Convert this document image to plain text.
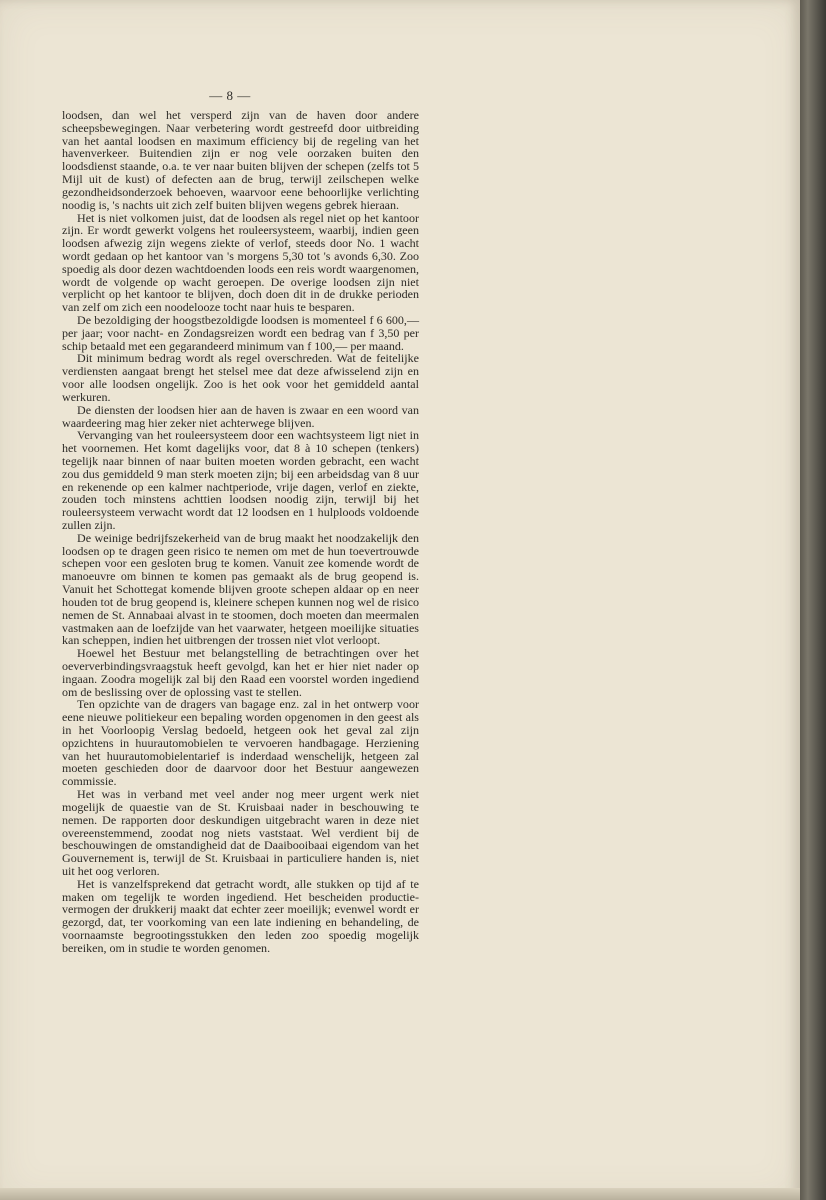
— 8 —

loodsen, dan wel het versperd zijn van de haven door andere scheepsbewegingen. Naar verbetering wordt gestreefd door uitbreiding van het aantal loodsen en maximum efficiency bij de regeling van het havenverkeer. Buitendien zijn er nog vele oorzaken buiten den loodsdienst staande, o.a. te ver naar buiten blijven der schepen (zelfs tot 5 Mijl uit de kust) of defecten aan de brug, terwijl zeilschepen welke gezondheidsonderzoek behoeven, waarvoor eene behoorlijke verlichting noodig is, 's nachts uit zich zelf buiten blijven wegens gebrek hieraan.

Het is niet volkomen juist, dat de loodsen als regel niet op het kantoor zijn. Er wordt gewerkt volgens het rouleersysteem, waarbij, indien geen loodsen afwezig zijn wegens ziekte of verlof, steeds door No. 1 wacht wordt gedaan op het kantoor van 's morgens 5,30 tot 's avonds 6,30. Zoo spoedig als door dezen wachtdoenden loods een reis wordt waargenomen, wordt de volgende op wacht geroepen. De overige loodsen zijn niet verplicht op het kantoor te blijven, doch doen dit in de drukke perioden van zelf om zich een noodelooze tocht naar huis te besparen.

De bezoldiging der hoogstbezoldigde loodsen is momenteel f 6 600,— per jaar; voor nacht- en Zondagsreizen wordt een bedrag van f 3,50 per schip betaald met een gegarandeerd minimum van f 100,— per maand.

Dit minimum bedrag wordt als regel overschreden. Wat de feitelijke verdiensten aangaat brengt het stelsel mee dat deze afwisselend zijn en voor alle loodsen ongelijk. Zoo is het ook voor het gemiddeld aantal werkuren.

De diensten der loodsen hier aan de haven is zwaar en een woord van waardeering mag hier zeker niet achterwege blijven.

Vervanging van het rouleersysteem door een wachtsysteem ligt niet in het voornemen. Het komt dagelijks voor, dat 8 à 10 schepen (tenkers) tegelijk naar binnen of naar buiten moeten worden gebracht, een wacht zou dus gemiddeld 9 man sterk moeten zijn; bij een arbeidsdag van 8 uur en rekenende op een kalmer nachtperiode, vrije dagen, verlof en ziekte, zouden toch minstens achttien loodsen noodig zijn, terwijl bij het rouleersysteem verwacht wordt dat 12 loodsen en 1 hulploods voldoende zullen zijn.

De weinige bedrijfszekerheid van de brug maakt het noodzakelijk den loodsen op te dragen geen risico te nemen om met de hun toevertrouwde schepen voor een gesloten brug te komen. Vanuit zee komende wordt de manoeuvre om binnen te komen pas gemaakt als de brug geopend is. Vanuit het Schottegat komende blijven groote schepen aldaar op en neer houden tot de brug geopend is, kleinere schepen kunnen nog wel de risico nemen de St. Annabaai alvast in te stoomen, doch moeten dan meermalen vastmaken aan de loefzijde van het vaarwater, hetgeen moeilijke situaties kan scheppen, indien het uitbrengen der trossen niet vlot verloopt.

Hoewel het Bestuur met belangstelling de betrachtingen over het oeververbindingsvraagstuk heeft gevolgd, kan het er hier niet nader op ingaan. Zoodra mogelijk zal bij den Raad een voorstel worden ingediend om de beslissing over de oplossing vast te stellen.

Ten opzichte van de dragers van bagage enz. zal in het ontwerp voor eene nieuwe politiekeur een bepaling worden opgenomen in den geest als in het Voorloopig Verslag bedoeld, hetgeen ook het geval zal zijn opzichtens in huurautomobielen te vervoeren handbagage. Herziening van het huurautomobielentarief is inderdaad wenschelijk, hetgeen zal moeten geschieden door de daarvoor door het Bestuur aangewezen commissie.

Het was in verband met veel ander nog meer urgent werk niet mogelijk de quaestie van de St. Kruisbaai nader in beschouwing te nemen. De rapporten door deskundigen uitgebracht waren in deze niet overeenstemmend, zoodat nog niets vaststaat. Wel verdient bij de beschouwingen de omstandigheid dat de Daaibooibaai eigendom van het Gouvernement is, terwijl de St. Kruisbaai in particuliere handen is, niet uit het oog verloren.

Het is vanzelfsprekend dat getracht wordt, alle stukken op tijd af te maken om tegelijk te worden ingediend. Het bescheiden productie-vermogen der drukkerij maakt dat echter zeer moeilijk; evenwel wordt er gezorgd, dat, ter voorkoming van een late indiening en behandeling, de voornaamste begrootingsstukken den leden zoo spoedig mogelijk bereiken, om in studie te worden genomen.
